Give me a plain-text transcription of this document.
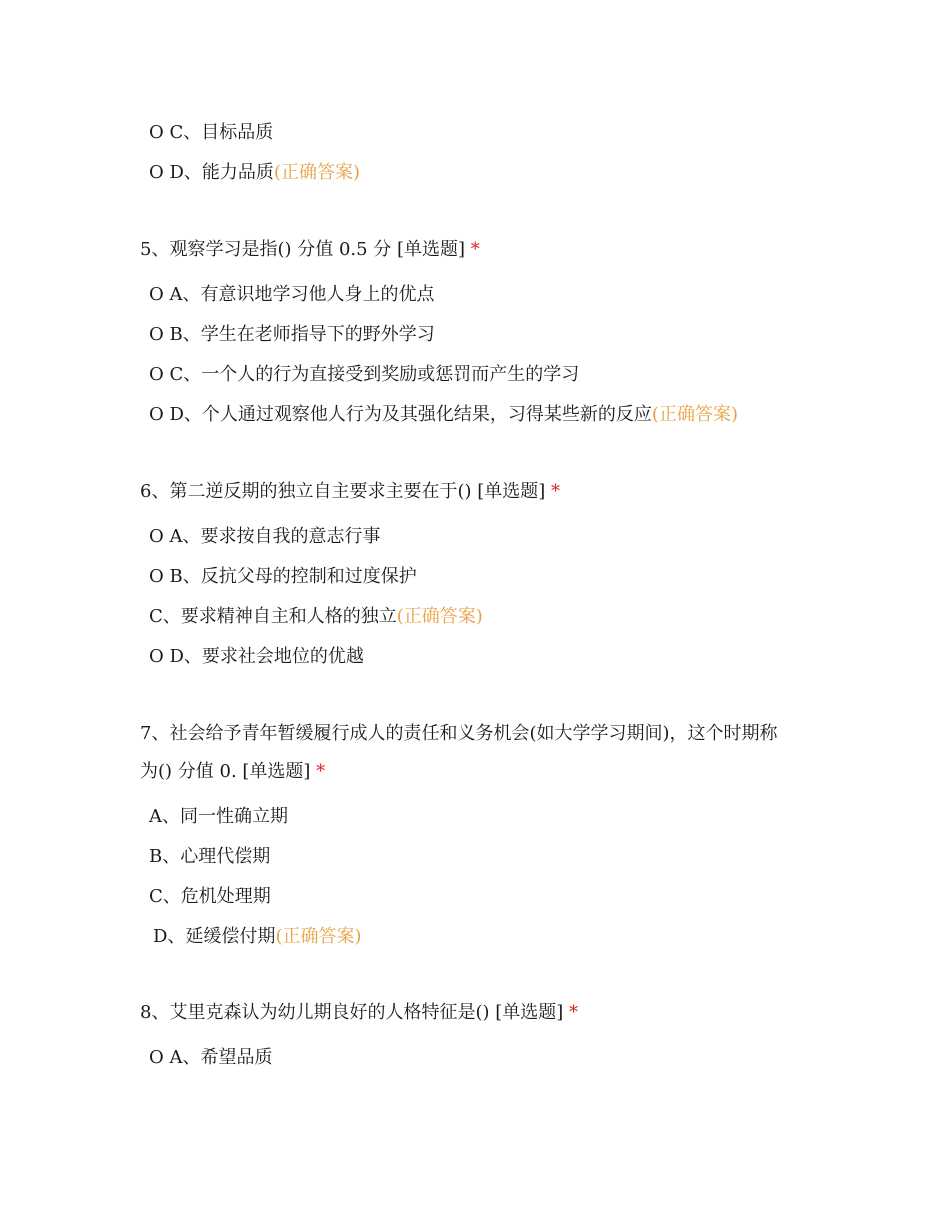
O C、目标品质
O D、能力品质(正确答案)
5、观察学习是指() 分值 0.5 分 [单选题] *
O A、有意识地学习他人身上的优点
O B、学生在老师指导下的野外学习
O C、一个人的行为直接受到奖励或惩罚而产生的学习
O D、个人通过观察他人行为及其强化结果，习得某些新的反应(正确答案)
6、第二逆反期的独立自主要求主要在于() [单选题] *
O A、要求按自我的意志行事
O B、反抗父母的控制和过度保护
C、要求精神自主和人格的独立(正确答案)
O D、要求社会地位的优越
7、社会给予青年暂缓履行成人的责任和义务机会(如大学学习期间)，这个时期称
为() 分值 0. [单选题] *
A、同一性确立期
B、心理代偿期
C、危机处理期
D、延缓偿付期(正确答案)
8、艾里克森认为幼儿期良好的人格特征是() [单选题] *
O A、希望品质
